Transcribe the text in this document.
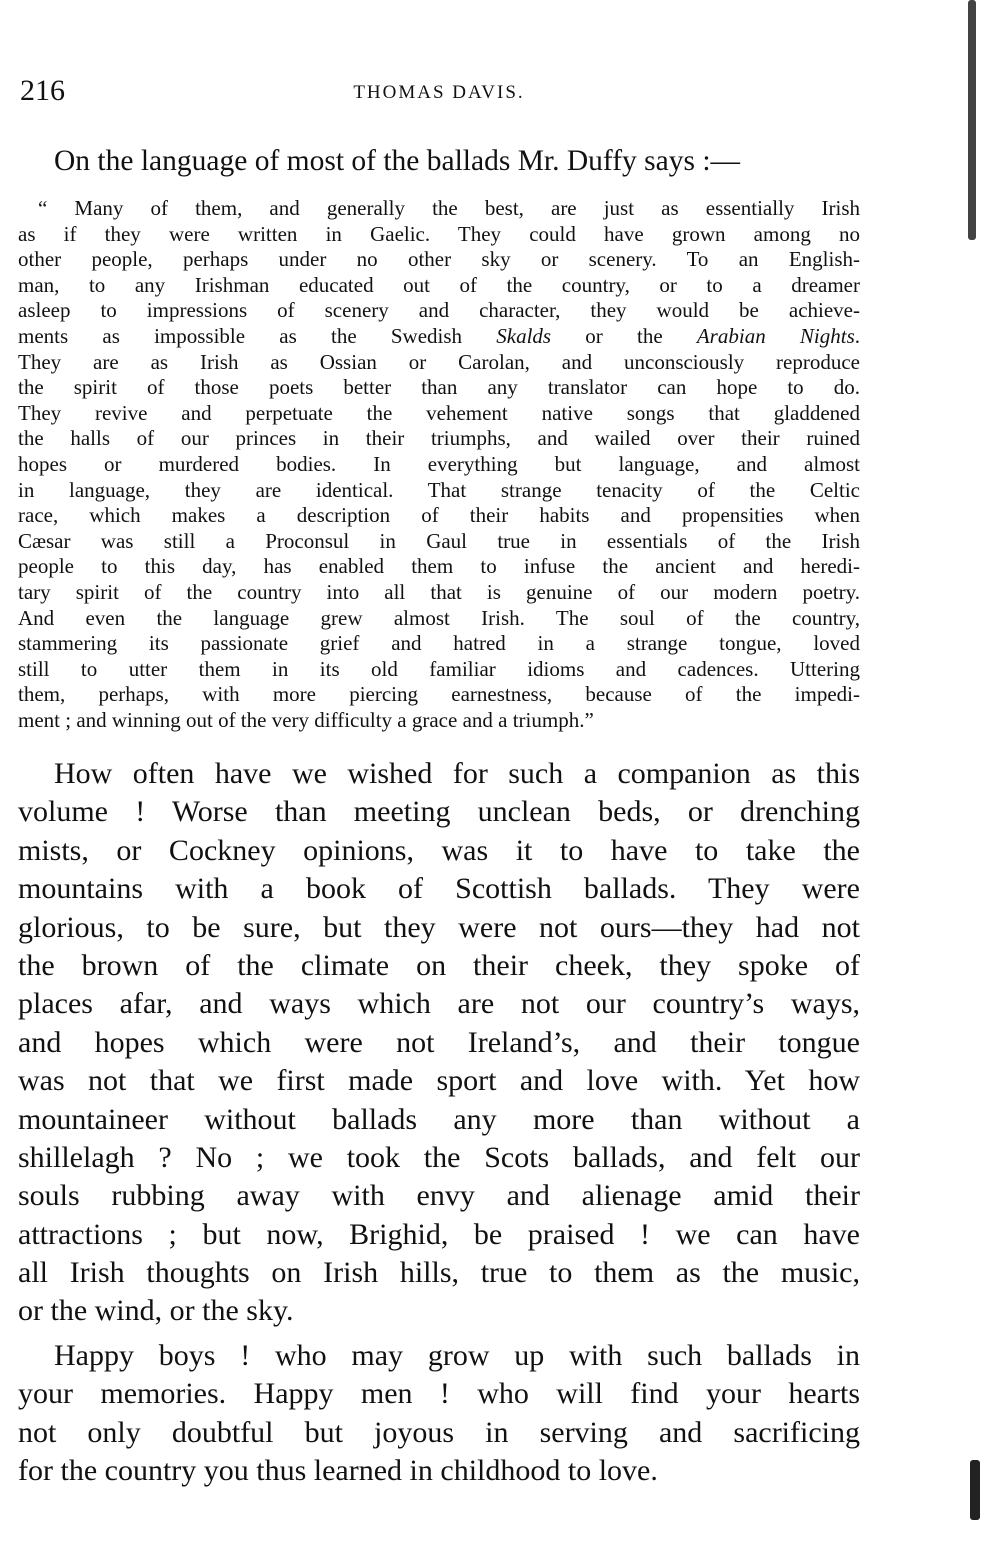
216	THOMAS DAVIS.
On the language of most of the ballads Mr. Duffy says :—
“ Many of them, and generally the best, are just as essentially Irish
as if they were written in Gaelic. They could have grown among no
other people, perhaps under no other sky or scenery. To an English-
man, to any Irishman educated out of the country, or to a dreamer
asleep to impressions of scenery and character, they would be achieve-
ments as impossible as the Swedish Skalds or the Arabian Nights.
They are as Irish as Ossian or Carolan, and unconsciously reproduce
the spirit of those poets better than any translator can hope to do.
They revive and perpetuate the vehement native songs that gladdened
the halls of our princes in their triumphs, and wailed over their ruined
hopes or murdered bodies. In everything but language, and almost
in language, they are identical. That strange tenacity of the Celtic
race, which makes a description of their habits and propensities when
Cæsar was still a Proconsul in Gaul true in essentials of the Irish
people to this day, has enabled them to infuse the ancient and heredi-
tary spirit of the country into all that is genuine of our modern poetry.
And even the language grew almost Irish. The soul of the country,
stammering its passionate grief and hatred in a strange tongue, loved
still to utter them in its old familiar idioms and cadences. Uttering
them, perhaps, with more piercing earnestness, because of the impedi-
ment ; and winning out of the very difficulty a grace and a triumph.”
How often have we wished for such a companion as this
volume ! Worse than meeting unclean beds, or drenching
mists, or Cockney opinions, was it to have to take the
mountains with a book of Scottish ballads. They were
glorious, to be sure, but they were not ours—they had not
the brown of the climate on their cheek, they spoke of
places afar, and ways which are not our country’s ways,
and hopes which were not Ireland’s, and their tongue
was not that we first made sport and love with. Yet how
mountaineer without ballads any more than without a
shillelagh ? No ; we took the Scots ballads, and felt our
souls rubbing away with envy and alienage amid their
attractions ; but now, Brighid, be praised ! we can have
all Irish thoughts on Irish hills, true to them as the music,
or the wind, or the sky.
Happy boys ! who may grow up with such ballads in
your memories. Happy men ! who will find your hearts
not only doubtful but joyous in serving and sacrificing
for the country you thus learned in childhood to love.
